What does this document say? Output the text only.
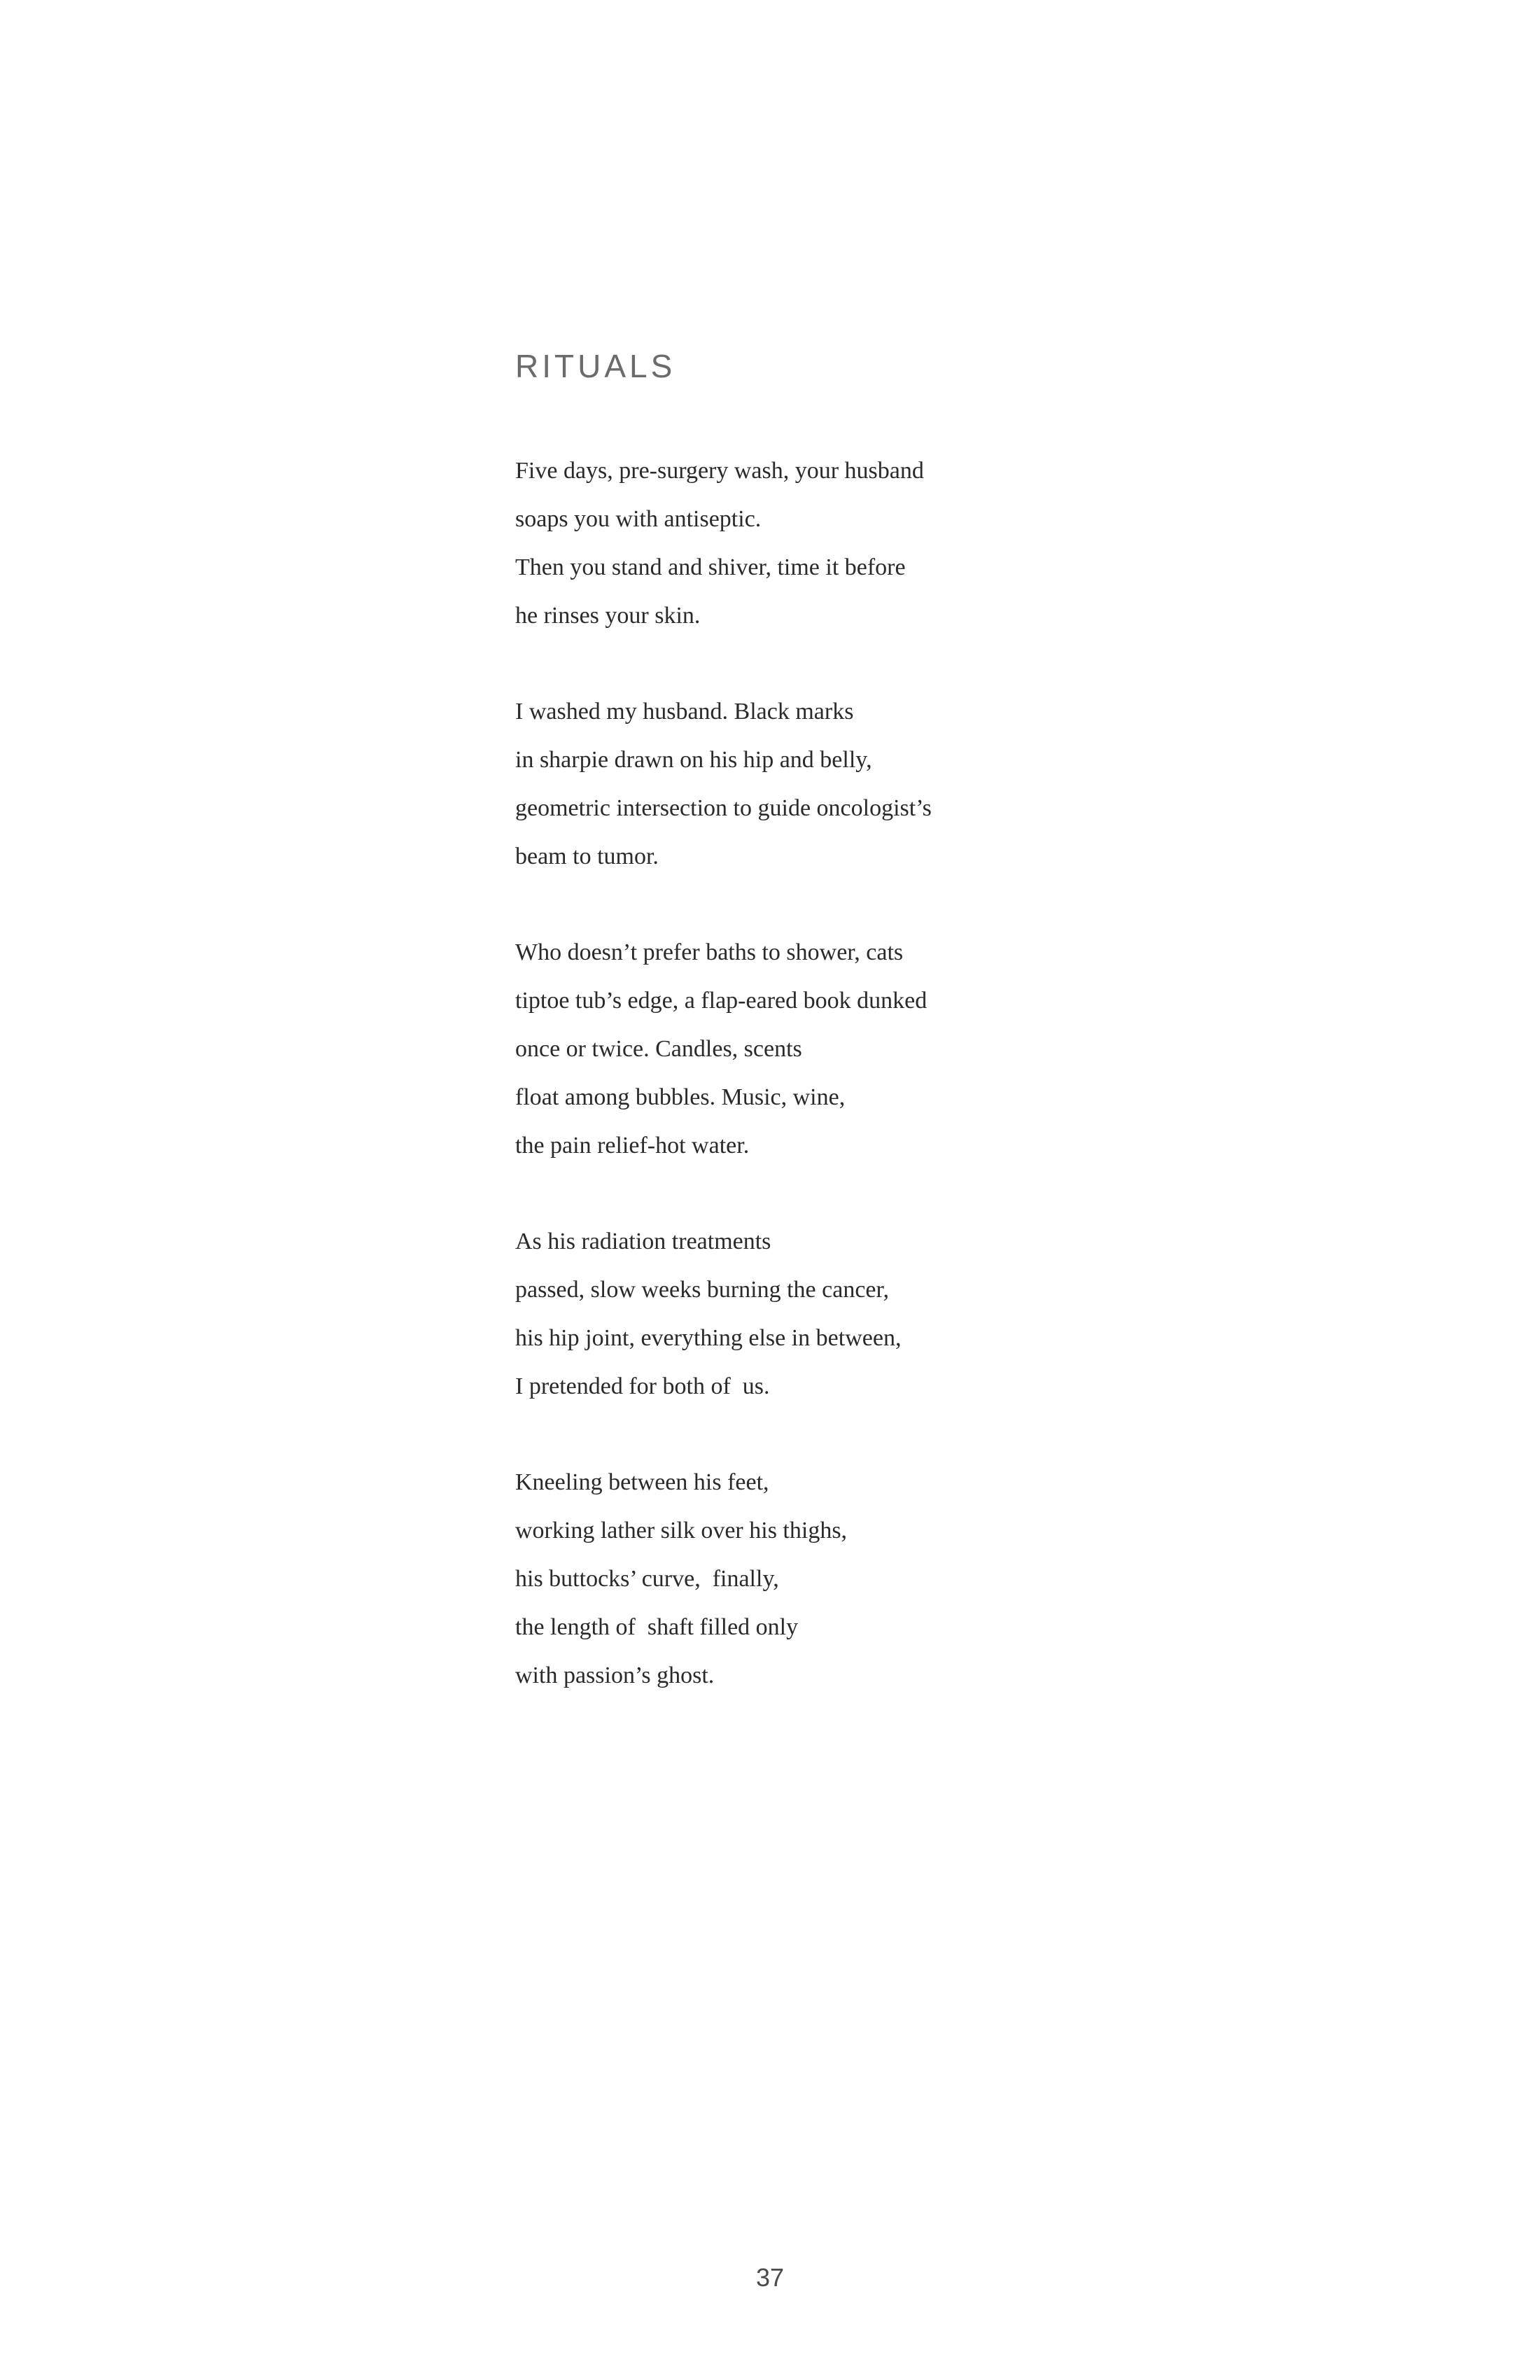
RITUALS
Five days, pre-surgery wash, your husband
soaps you with antiseptic.
Then you stand and shiver, time it before
he rinses your skin.
I washed my husband. Black marks
in sharpie drawn on his hip and belly,
geometric intersection to guide oncologist’s
beam to tumor.
Who doesn’t prefer baths to shower, cats
tiptoe tub’s edge, a flap-eared book dunked
once or twice. Candles, scents
float among bubbles. Music, wine,
the pain relief-hot water.
As his radiation treatments
passed, slow weeks burning the cancer,
his hip joint, everything else in between,
I pretended for both of  us.
Kneeling between his feet,
working lather silk over his thighs,
his buttocks’ curve,  finally,
the length of  shaft filled only
with passion’s ghost.
37
